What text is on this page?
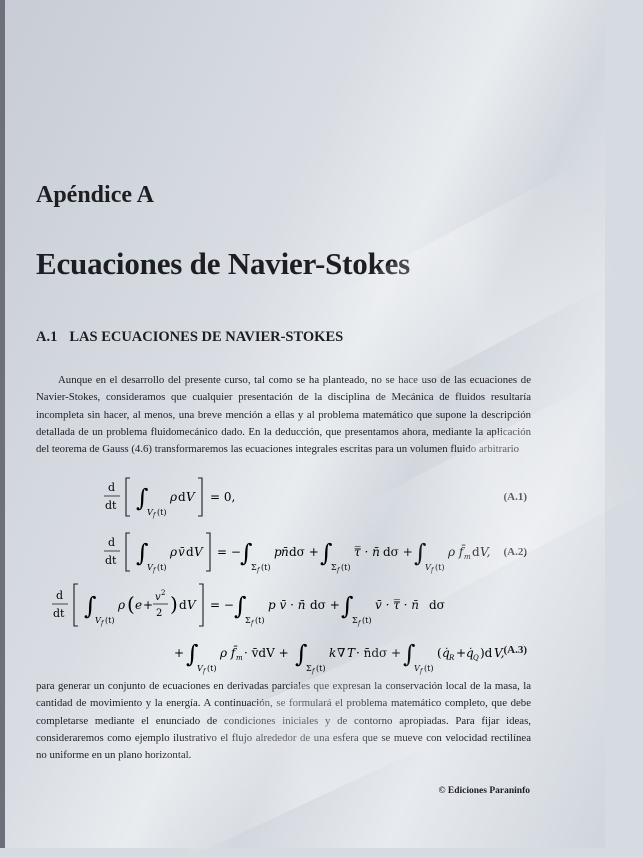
Apéndice A
Ecuaciones de Navier-Stokes
A.1 LAS ECUACIONES DE NAVIER-STOKES

Aunque en el desarrollo del presente curso, tal como se ha planteado, no se hace uso de las ecuaciones de Navier-Stokes, consideramos que cualquier presentación de la disciplina de Mecánica de fluidos resultaría incompleta sin hacer, al menos, una breve mención a ellas y al problema matemático que supone la descripción detallada de un problema fluidomecánico dado. En la deducción, que presentamos ahora, mediante la aplicación del teorema de Gauss (4.6) transformaremos las ecuaciones integrales escritas para un volumen fluido arbitrario

d
dt ∫
V f (t)
ρ d V = 0,	(A.1)
d
dt ∫
V f (t)
ρ v̄ d V = − ∫
Σ f (t)
p n̄ dσ + ∫
Σ f (t)
τ̿ · n̄ dσ + ∫
V f (t)
ρ f̄ m d V, (A.2)
d
dt ∫
V f (t)
ρ ( e +
v 2
2 ) d V = − ∫
Σ f (t)
p v̄ · n̄ dσ + ∫
Σ f (t)
v̄ · τ̿ · n̄ dσ
+ ∫
V f (t)
ρ f̄ m · v̄dV + ∫
Σ f (t)
k ∇ T · n̄dσ + ∫
V f (t)
( q̇ R + q̇ Q )d V, (A.3)

para generar un conjunto de ecuaciones en derivadas parciales que expresan la conservación local de la masa, la cantidad de movimiento y la energía. A continuación, se formulará el problema matemático completo, que debe completarse mediante el enunciado de condiciones iniciales y de contorno apropiadas. Para fijar ideas, consideraremos como ejemplo ilustrativo el flujo alrededor de una esfera que se mueve con velocidad rectilínea no uniforme en un plano horizontal.

© Ediciones Paraninfo
